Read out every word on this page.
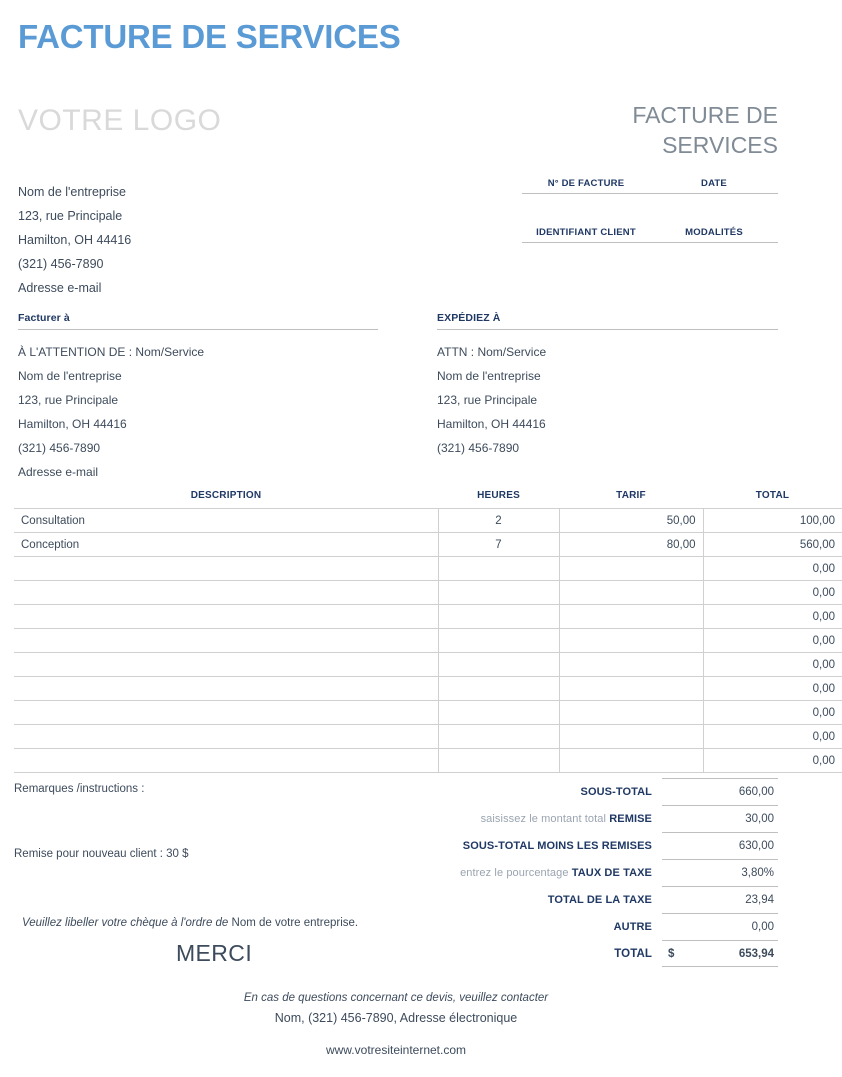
FACTURE DE SERVICES
VOTRE LOGO	FACTURE DE
SERVICES
N° DE FACTURE	DATE
IDENTIFIANT CLIENT	MODALITÉS
Nom de l'entreprise
123, rue Principale
Hamilton, OH 44416
(321) 456-7890
Adresse e-mail
Facturer à
À L'ATTENTION DE : Nom/Service
Nom de l'entreprise
123, rue Principale
Hamilton, OH 44416
(321) 456-7890
Adresse e-mail
EXPÉDIEZ À
ATTN : Nom/Service
Nom de l'entreprise
123, rue Principale
Hamilton, OH 44416
(321) 456-7890
DESCRIPTION	HEURES	TARIF	TOTAL
Consultation	2	50,00	100,00
Conception	7	80,00	560,00
			0,00
			0,00
			0,00
			0,00
			0,00
			0,00
			0,00
			0,00
			0,00
Remarques /instructions :
Remise pour nouveau client : 30 $
Veuillez libeller votre chèque à l'ordre de Nom de votre entreprise.
MERCI
SOUS-TOTAL	660,00
saisissez le montant total REMISE	30,00
SOUS-TOTAL MOINS LES REMISES	630,00
entrez le pourcentage TAUX DE TAXE	3,80%
TOTAL DE LA TAXE	23,94
AUTRE	0,00
TOTAL	$	653,94
En cas de questions concernant ce devis, veuillez contacter
Nom, (321) 456-7890, Adresse électronique
www.votresiteinternet.com
